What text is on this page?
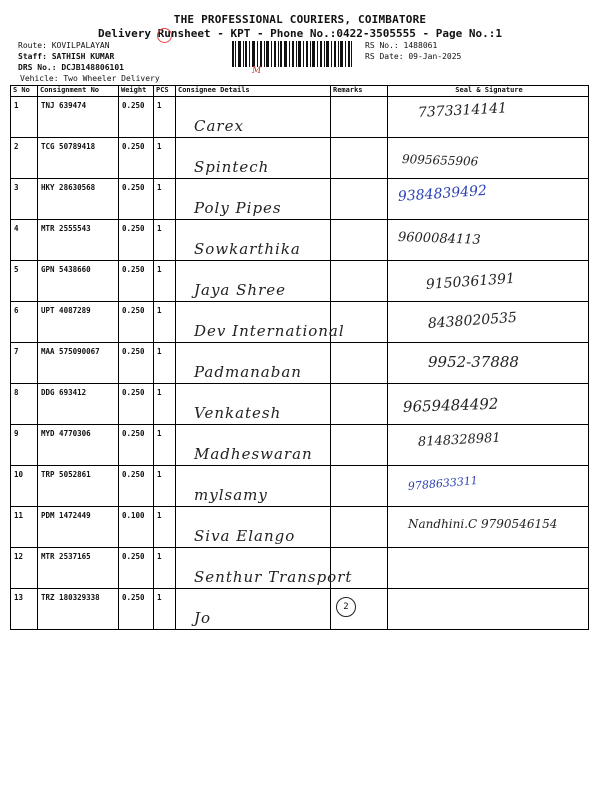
THE PROFESSIONAL COURIERS, COIMBATORE
Delivery Runsheet - KPT - Phone No.:0422-3505555 - Page No.:1
Route: KOVILPALAYAN
Staff: SATHISH KUMAR
DRS No.: DCJB148806101
Vehicle: Two Wheeler Delivery
M
RS No.: 1488061
RS Date: 09-Jan-2025
S No	Consignment No	Weight	PCS	Consignee Details	Remarks	Seal & Signature

1	TNJ 639474	0.250	1	Carex		7373314141

2	TCG 50789418	0.250	1	Spintech		9095655906

3	HKY 28630568	0.250	1	Poly Pipes		9384839492

4	MTR 2555543	0.250	1	Sowkarthika		9600084113

5	GPN 5438660	0.250	1	Jaya Shree		9150361391

6	UPT 4087289	0.250	1	Dev International		8438020535

7	MAA 575090067	0.250	1	Padmanaban		9952-37888

8	DDG 693412	0.250	1	Venkatesh		9659484492

9	MYD 4770306	0.250	1	Madheswaran		8148328981

10	TRP 5052861	0.250	1	mylsamy		9788633311

11	PDM 1472449	0.100	1	Siva Elango		Nandhini.C 9790546154

12	MTR 2537165	0.250	1	Senthur Transport		

13	TRZ 180329338	0.250	1	Jo	2	
